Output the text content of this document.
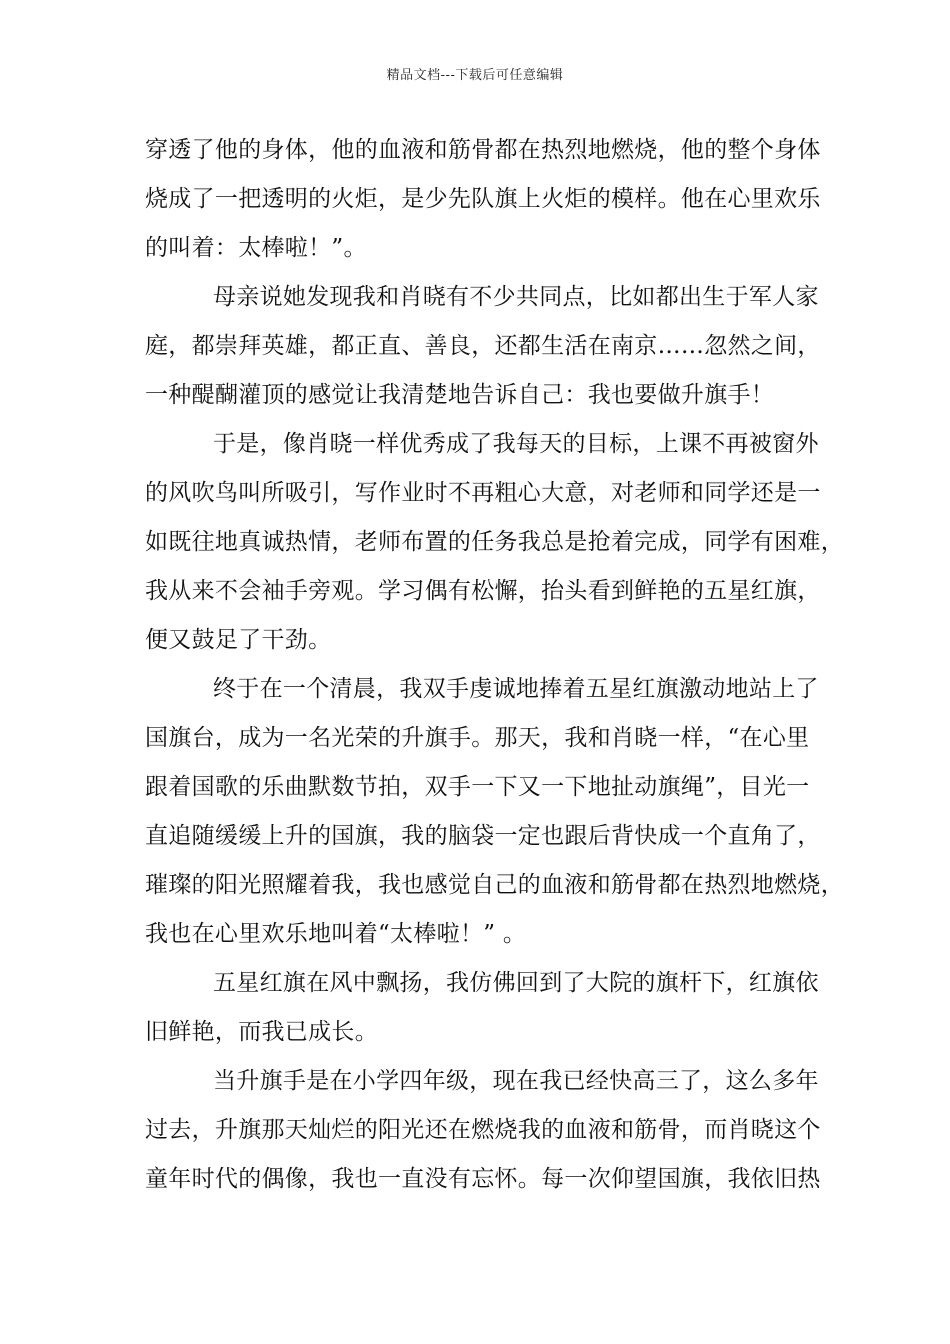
精品文档---下载后可任意编辑
穿透了他的身体，他的血液和筋骨都在热烈地燃烧，他的整个身体
烧成了一把透明的火炬，是少先队旗上火炬的模样。他在心里欢乐
的叫着：太棒啦！”。
母亲说她发现我和肖晓有不少共同点，比如都出生于军人家
庭，都崇拜英雄，都正直、善良，还都生活在南京……忽然之间，
一种醍醐灌顶的感觉让我清楚地告诉自己：我也要做升旗手！
于是，像肖晓一样优秀成了我每天的目标，上课不再被窗外
的风吹鸟叫所吸引，写作业时不再粗心大意，对老师和同学还是一
如既往地真诚热情，老师布置的任务我总是抢着完成，同学有困难，
我从来不会袖手旁观。学习偶有松懈，抬头看到鲜艳的五星红旗，
便又鼓足了干劲。
终于在一个清晨，我双手虔诚地捧着五星红旗激动地站上了
国旗台，成为一名光荣的升旗手。那天，我和肖晓一样，“在心里
跟着国歌的乐曲默数节拍，双手一下又一下地扯动旗绳”，目光一
直追随缓缓上升的国旗，我的脑袋一定也跟后背快成一个直角了，
璀璨的阳光照耀着我，我也感觉自己的血液和筋骨都在热烈地燃烧，
我也在心里欢乐地叫着“太棒啦！” 。
五星红旗在风中飘扬，我仿佛回到了大院的旗杆下，红旗依
旧鲜艳，而我已成长。
当升旗手是在小学四年级，现在我已经快高三了，这么多年
过去，升旗那天灿烂的阳光还在燃烧我的血液和筋骨，而肖晓这个
童年时代的偶像，我也一直没有忘怀。每一次仰望国旗，我依旧热
